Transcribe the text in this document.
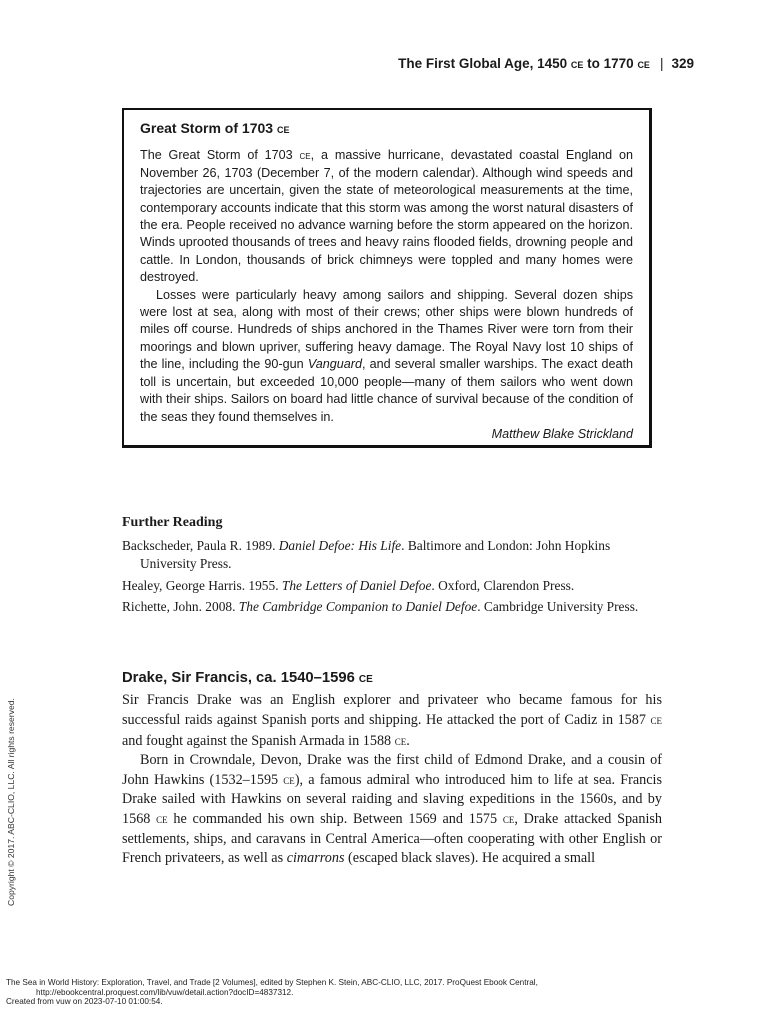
The First Global Age, 1450 ce to 1770 ce | 329
Great Storm of 1703 ce

The Great Storm of 1703 ce, a massive hurricane, devastated coastal England on November 26, 1703 (December 7, of the modern calendar). Although wind speeds and trajectories are uncertain, given the state of meteorological measurements at the time, contemporary accounts indicate that this storm was among the worst natural disasters of the era. People received no advance warning before the storm appeared on the horizon. Winds uprooted thousands of trees and heavy rains flooded fields, drowning people and cattle. In London, thousands of brick chimneys were toppled and many homes were destroyed.

Losses were particularly heavy among sailors and shipping. Several dozen ships were lost at sea, along with most of their crews; other ships were blown hundreds of miles off course. Hundreds of ships anchored in the Thames River were torn from their moorings and blown upriver, suffering heavy damage. The Royal Navy lost 10 ships of the line, including the 90-gun Vanguard, and several smaller warships. The exact death toll is uncertain, but exceeded 10,000 people—many of them sailors who went down with their ships. Sailors on board had little chance of survival because of the condition of the seas they found themselves in.

Matthew Blake Strickland

Further Reading
Backscheder, Paula R. 1989. Daniel Defoe: His Life. Baltimore and London: John Hopkins University Press.
Healey, George Harris. 1955. The Letters of Daniel Defoe. Oxford, Clarendon Press.
Richette, John. 2008. The Cambridge Companion to Daniel Defoe. Cambridge University Press.
Drake, Sir Francis, ca. 1540–1596 ce

Sir Francis Drake was an English explorer and privateer who became famous for his successful raids against Spanish ports and shipping. He attacked the port of Cadiz in 1587 ce and fought against the Spanish Armada in 1588 ce.

Born in Crowndale, Devon, Drake was the first child of Edmond Drake, and a cousin of John Hawkins (1532–1595 ce), a famous admiral who introduced him to life at sea. Francis Drake sailed with Hawkins on several raiding and slaving expeditions in the 1560s, and by 1568 ce he commanded his own ship. Between 1569 and 1575 ce, Drake attacked Spanish settlements, ships, and caravans in Central America—often cooperating with other English or French privateers, as well as cimarrons (escaped black slaves). He acquired a small

Copyright © 2017. ABC-CLIO, LLC. All rights reserved.
The Sea in World History: Exploration, Travel, and Trade [2 Volumes], edited by Stephen K. Stein, ABC-CLIO, LLC, 2017. ProQuest Ebook Central,
http://ebookcentral.proquest.com/lib/vuw/detail.action?docID=4837312.
Created from vuw on 2023-07-10 01:00:54.
